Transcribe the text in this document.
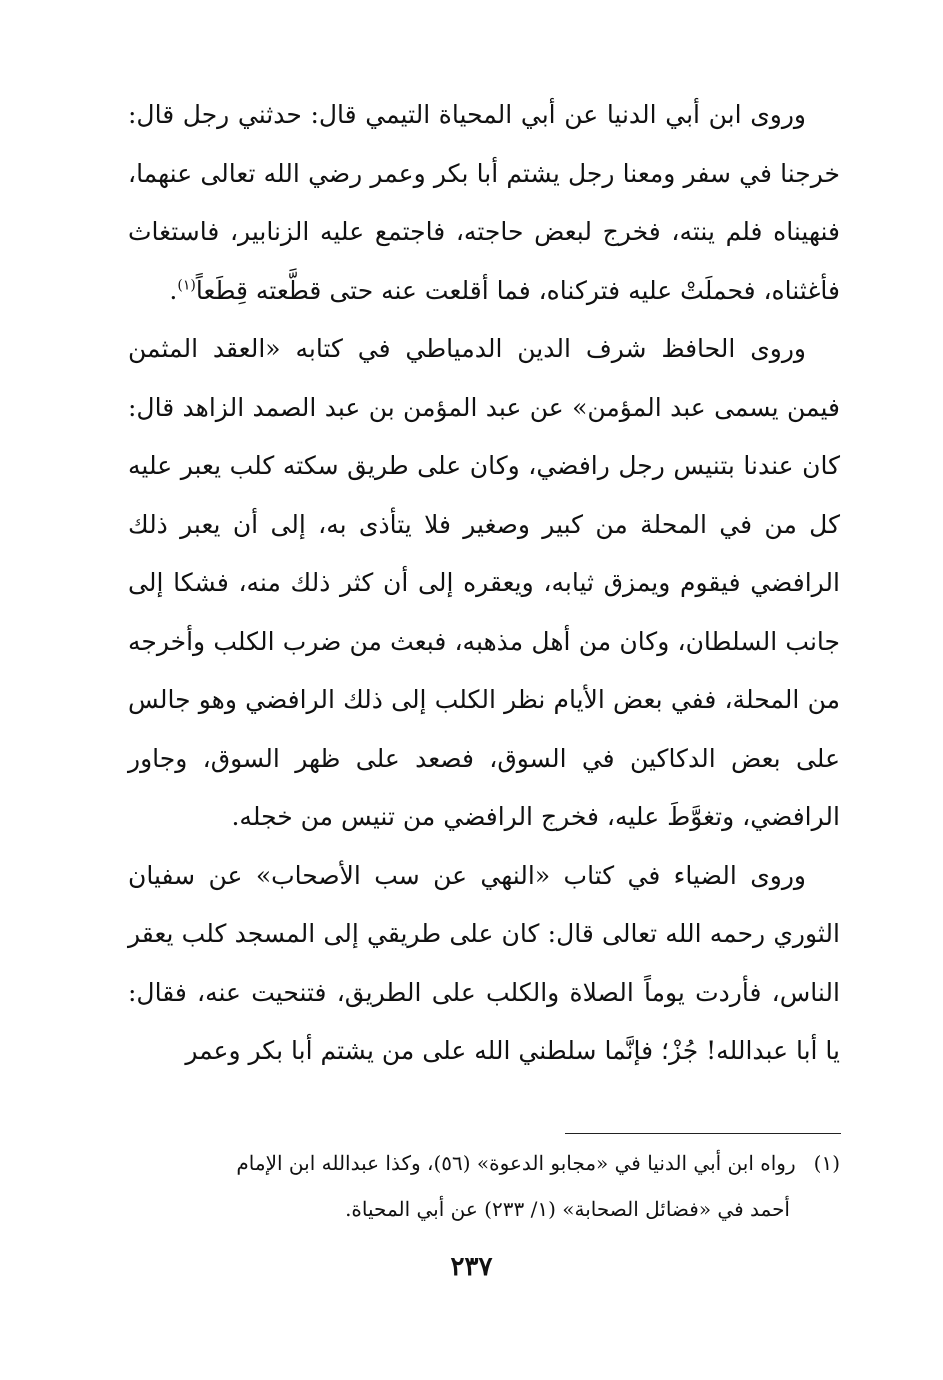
وروى ابن أبي الدنيا عن أبي المحياة التيمي قال: حدثني رجل قال: خرجنا في سفر ومعنا رجل يشتم أبا بكر وعمر رضي الله تعالى عنهما، فنهيناه فلم ينته، فخرج لبعض حاجته، فاجتمع عليه الزنابير، فاستغاث فأغثناه، فحملَتْ عليه فتركناه، فما أقلعت عنه حتى قطَّعته قِطَعاً$^{(١)}$.

وروى الحافظ شرف الدين الدمياطي في كتابه «العقد المثمن فيمن يسمى عبد المؤمن» عن عبد المؤمن بن عبد الصمد الزاهد قال: كان عندنا بتنيس رجل رافضي، وكان على طريق سكته كلب يعبر عليه كل من في المحلة من كبير وصغير فلا يتأذى به، إلى أن يعبر ذلك الرافضي فيقوم ويمزق ثيابه، ويعقره إلى أن كثر ذلك منه، فشكا إلى جانب السلطان، وكان من أهل مذهبه، فبعث من ضرب الكلب وأخرجه من المحلة، ففي بعض الأيام نظر الكلب إلى ذلك الرافضي وهو جالس على بعض الدكاكين في السوق، فصعد على ظهر السوق، وجاور الرافضي، وتغوَّطَ عليه، فخرج الرافضي من تنيس من خجله.

وروى الضياء في كتاب «النهي عن سب الأصحاب» عن سفيان الثوري رحمه الله تعالى قال: كان على طريقي إلى المسجد كلب يعقر الناس، فأردت يوماً الصلاة والكلب على الطريق، فتنحيت عنه، فقال: يا أبا عبدالله! جُزْ؛ فإنَّما سلطني الله على من يشتم أبا بكر وعمر

(١)رواه ابن أبي الدنيا في «مجابو الدعوة» (٥٦)، وكذا عبدالله ابن الإمام

أحمد في «فضائل الصحابة» (١/ ٢٣٣) عن أبي المحياة.

٢٣٧
